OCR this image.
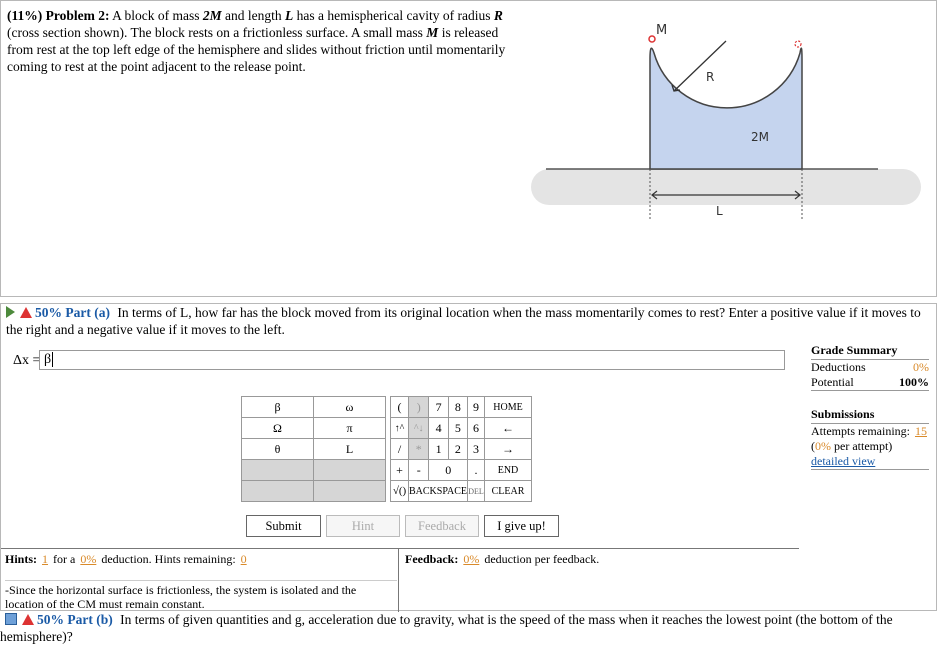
(11%) Problem 2: A block of mass 2M and length L has a hemispherical cavity of radius R (cross section shown). The block rests on a frictionless surface. A small mass M is released from rest at the top left edge of the hemisphere and slides without friction until momentarily coming to rest at the point adjacent to the release point.
M
R
2M
L
50% Part (a) In terms of L, how far has the block moved from its original location when the mass momentarily comes to rest? Enter a positive value if it moves to the right and a negative value if it moves to the left.
Δx = β
β	ω
Ω	π
θ	L

(	)	7	8	9	HOME
↑^	^↓	4	5	6	←
/	*	1	2	3	→
+	-	0		.	END
√()	BACKSPACE			DEL	CLEAR
Submit	Hint	Feedback	I give up!
Hints: 1 for a 0% deduction. Hints remaining: 0
-Since the horizontal surface is frictionless, the system is isolated and the location of the CM must remain constant.
Feedback: 0% deduction per feedback.
Grade Summary
Deductions	0%
Potential	100%
Submissions
Attempts remaining: 15
(0% per attempt)
detailed view
50% Part (b) In terms of given quantities and g, acceleration due to gravity, what is the speed of the mass when it reaches the lowest point (the bottom of the hemisphere)?
